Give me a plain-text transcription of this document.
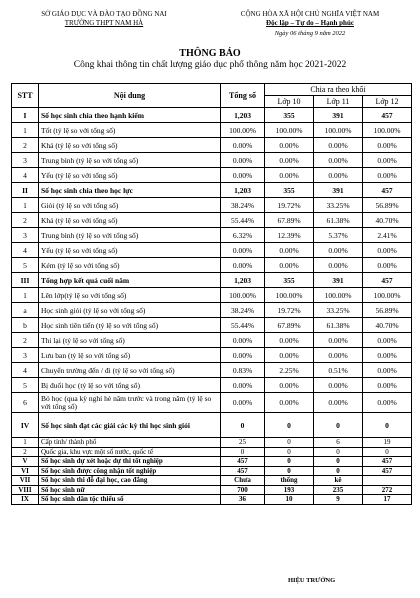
SỞ GIÁO DỤC VÀ ĐÀO TẠO ĐỒNG NAI
TRƯỜNG THPT NAM HÀ
CỘNG HÒA XÃ HỘI CHỦ NGHĨA VIỆT NAM
Độc lập – Tự do – Hạnh phúc
Ngày 06 tháng 9 năm 2022
THÔNG BÁO
Công khai thông tin chất lượng giáo dục phổ thông năm học 2021-2022
STT	Nội dung	Tổng số	Chia ra theo khối		
			Lớp 10	Lớp 11	Lớp 12
I	Số học sinh chia theo hạnh kiểm	1,203	355	391	457
1	Tốt (tỷ lệ so với tổng số)	100.00%	100.00%	100.00%	100.00%
2	Khá (tỷ lệ so với tổng số)	0.00%	0.00%	0.00%	0.00%
3	Trung bình (tỷ lệ so với tổng số)	0.00%	0.00%	0.00%	0.00%
4	Yếu (tỷ lệ so với tổng số)	0.00%	0.00%	0.00%	0.00%
II	Số học sinh chia theo học lực	1,203	355	391	457
1	Giỏi (tỷ lệ so với tổng số)	38.24%	19.72%	33.25%	56.89%
2	Khá (tỷ lệ so với tổng số)	55.44%	67.89%	61.38%	40.70%
3	Trung bình (tỷ lệ so với tổng số)	6.32%	12.39%	5.37%	2.41%
4	Yếu (tỷ lệ so với tổng số)	0.00%	0.00%	0.00%	0.00%
5	Kém (tỷ lệ so với tổng số)	0.00%	0.00%	0.00%	0.00%
III	Tổng hợp kết quả cuối năm	1,203	355	391	457
1	Lên lớp(tỷ lệ so với tổng số)	100.00%	100.00%	100.00%	100.00%
a	Học sinh giỏi (tỷ lệ so với tổng số)	38.24%	19.72%	33.25%	56.89%
b	Học sinh tiên tiến (tỷ lệ so với tổng số)	55.44%	67.89%	61.38%	40.70%
2	Thi lại (tỷ lệ so với tổng số)	0.00%	0.00%	0.00%	0.00%
3	Lưu ban (tỷ lệ so với tổng số)	0.00%	0.00%	0.00%	0.00%
4	Chuyển trường đến / đi (tỷ lệ so với tổng số)	0.83%	2.25%	0.51%	0.00%
5	Bị đuổi học (tỷ lệ so với tổng số)	0.00%	0.00%	0.00%	0.00%
6	Bỏ học (qua kỳ nghỉ hè năm trước và trong năm (tỷ lệ so với tổng số)	0.00%	0.00%	0.00%	0.00%
IV	Số học sinh đạt các giải các kỳ thi học sinh giỏi	0	0	0	0
1	Cấp tỉnh/ thành phố	25	0	6	19
2	Quốc gia, khu vực một số nước, quốc tế	0	0	0	0
V	Số học sinh dự xét hoặc dự thi tốt nghiệp	457	0	0	457
VI	Số học sinh được công nhận tốt nghiệp	457	0	0	457
VII	Số học sinh thi đỗ đại học, cao đẳng	Chưa	thống	kê	
VIII	Số học sinh nữ	700	193	235	272
IX	Số học sinh dân tộc thiểu số	36	10	9	17
HIỆU TRƯỞNG
